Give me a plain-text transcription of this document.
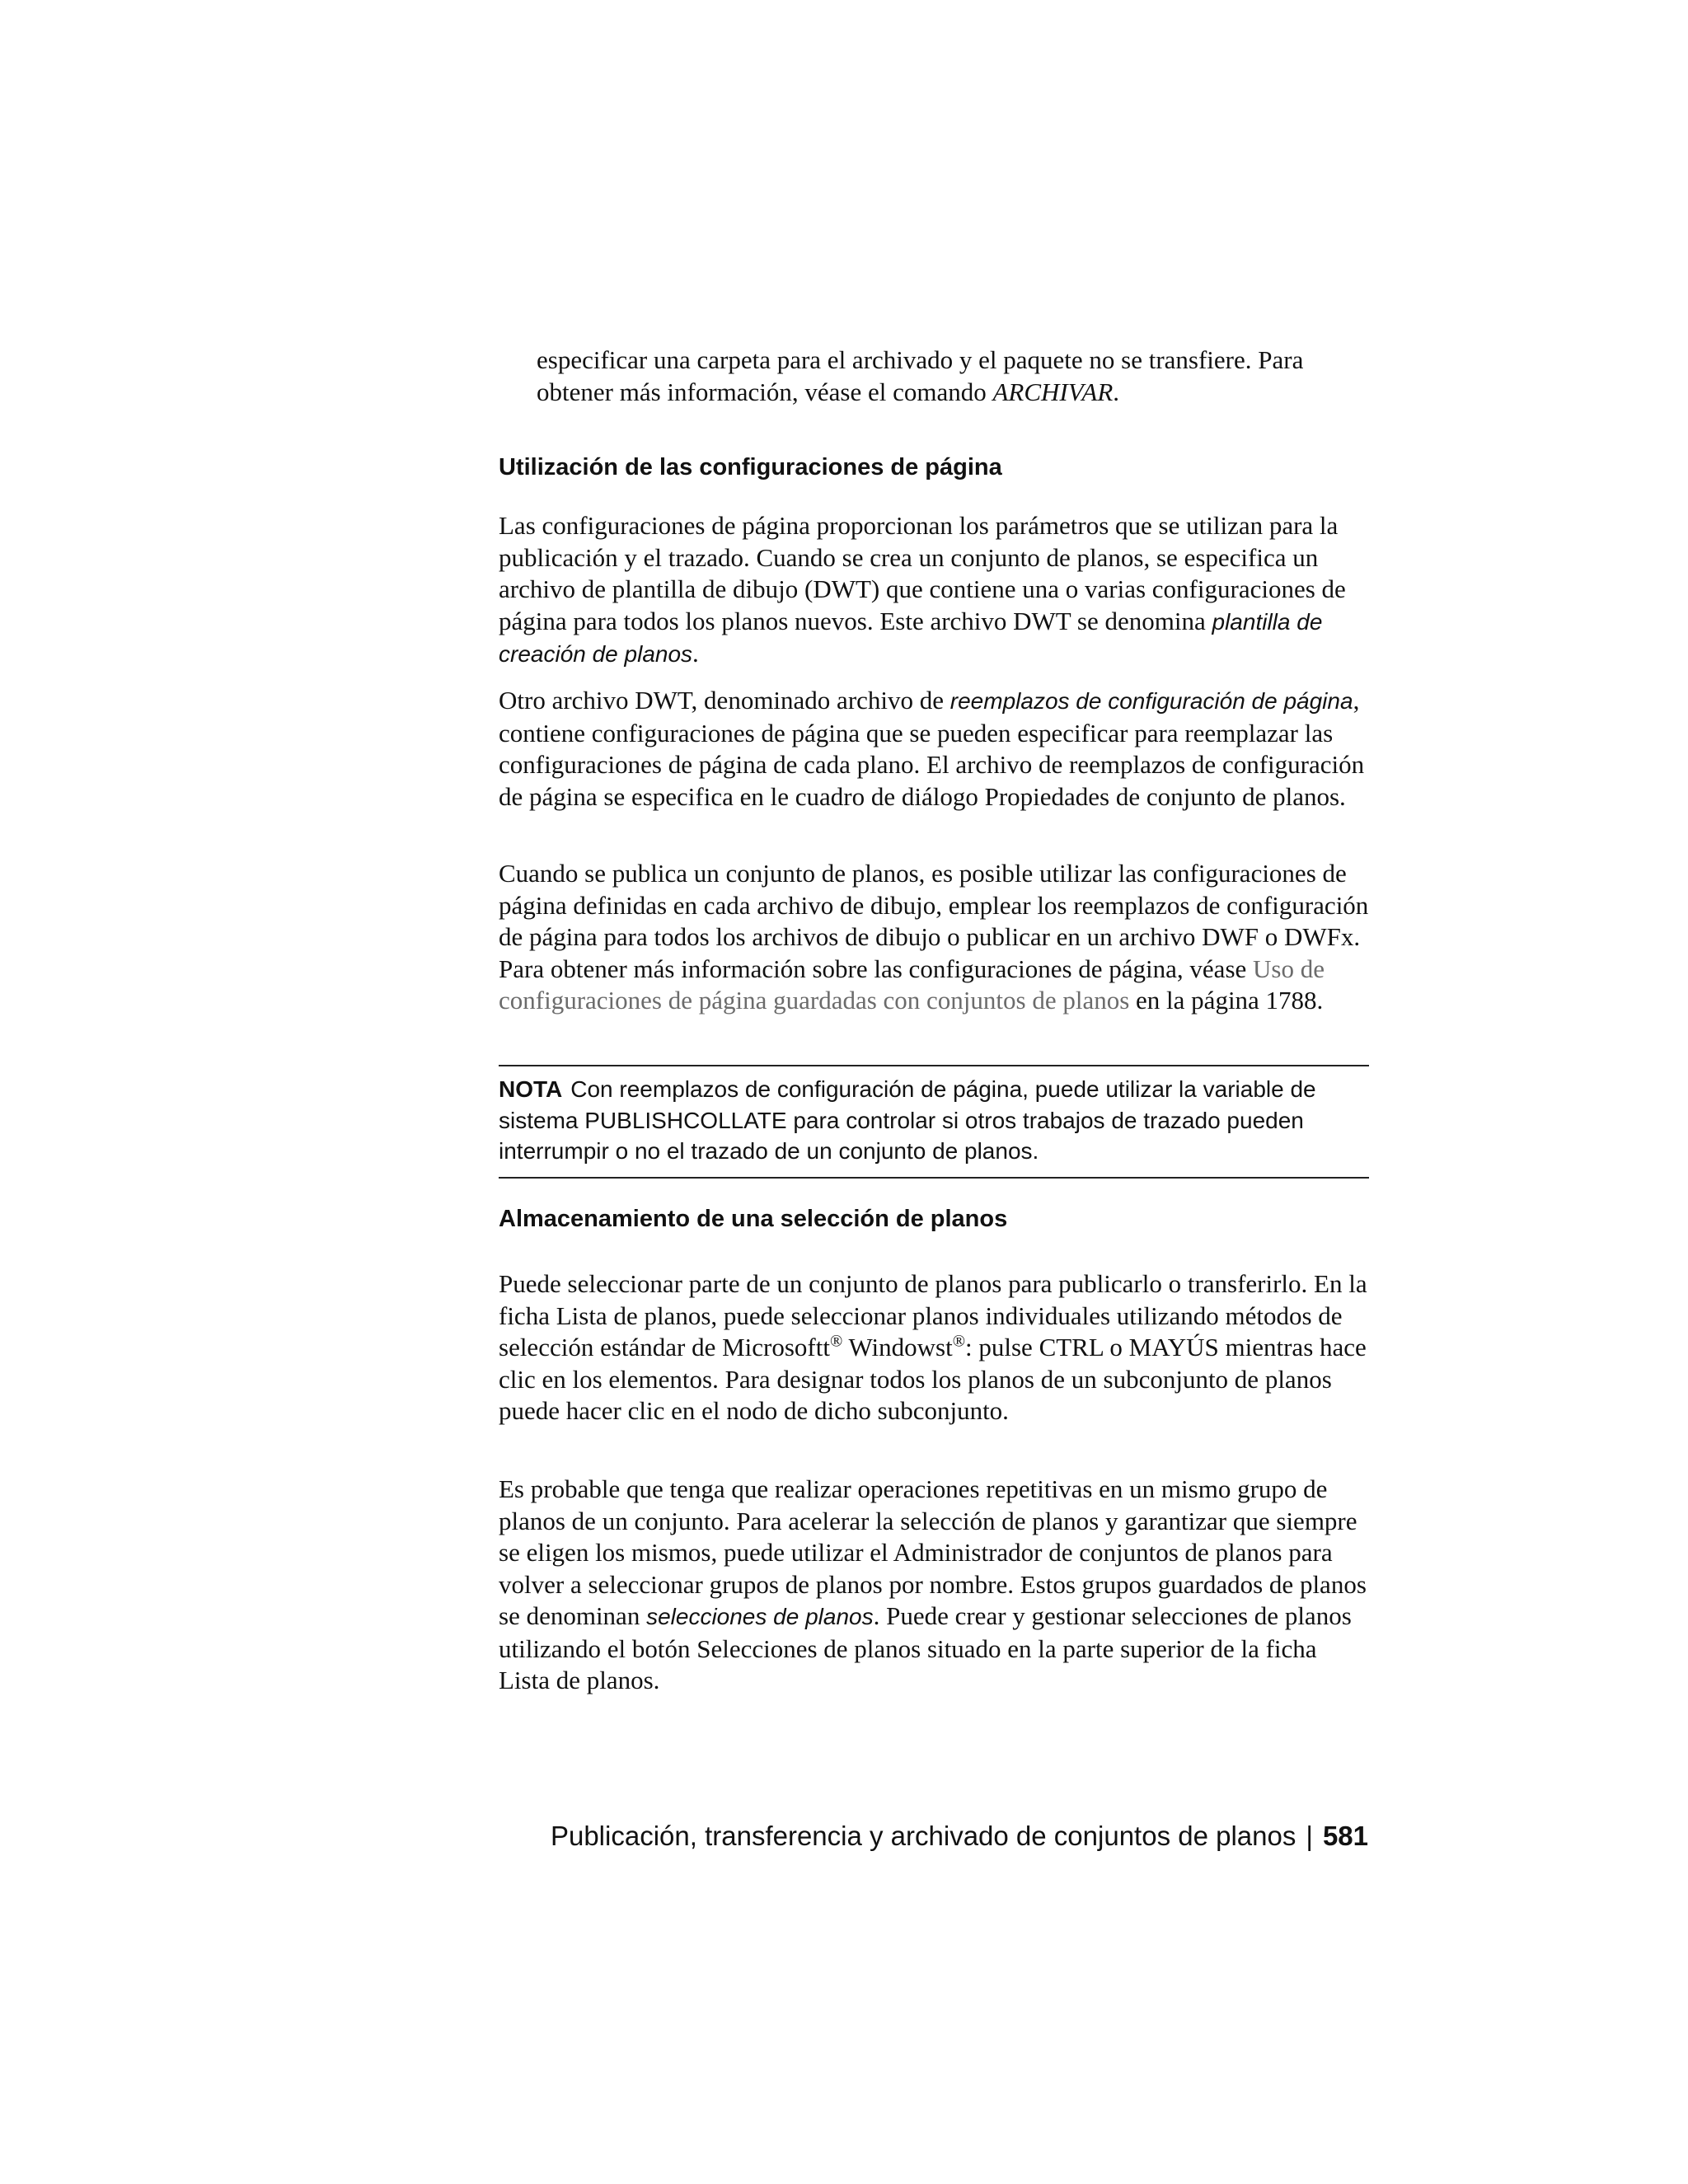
especificar una carpeta para el archivado y el paquete no se transfiere. Para obtener más información, véase el comando ARCHIVAR.

Utilización de las configuraciones de página

Las configuraciones de página proporcionan los parámetros que se utilizan para la publicación y el trazado. Cuando se crea un conjunto de planos, se especifica un archivo de plantilla de dibujo (DWT) que contiene una o varias configuraciones de página para todos los planos nuevos. Este archivo DWT se denomina plantilla de creación de planos.

Otro archivo DWT, denominado archivo de reemplazos de configuración de página, contiene configuraciones de página que se pueden especificar para reemplazar las configuraciones de página de cada plano. El archivo de reemplazos de configuración de página se especifica en le cuadro de diálogo Propiedades de conjunto de planos.

Cuando se publica un conjunto de planos, es posible utilizar las configuraciones de página definidas en cada archivo de dibujo, emplear los reemplazos de configuración de página para todos los archivos de dibujo o publicar en un archivo DWF o DWFx. Para obtener más información sobre las configuraciones de página, véase Uso de configuraciones de página guardadas con conjuntos de planos en la página 1788.

NOTA Con reemplazos de configuración de página, puede utilizar la variable de sistema PUBLISHCOLLATE para controlar si otros trabajos de trazado pueden interrumpir o no el trazado de un conjunto de planos.
Almacenamiento de una selección de planos

Puede seleccionar parte de un conjunto de planos para publicarlo o transferirlo. En la ficha Lista de planos, puede seleccionar planos individuales utilizando métodos de selección estándar de Microsoftt® Windowst®: pulse CTRL o MAYÚS mientras hace clic en los elementos. Para designar todos los planos de un subconjunto de planos puede hacer clic en el nodo de dicho subconjunto.

Es probable que tenga que realizar operaciones repetitivas en un mismo grupo de planos de un conjunto. Para acelerar la selección de planos y garantizar que siempre se eligen los mismos, puede utilizar el Administrador de conjuntos de planos para volver a seleccionar grupos de planos por nombre. Estos grupos guardados de planos se denominan selecciones de planos. Puede crear y gestionar selecciones de planos utilizando el botón Selecciones de planos situado en la parte superior de la ficha Lista de planos.

Publicación, transferencia y archivado de conjuntos de planos | 581
